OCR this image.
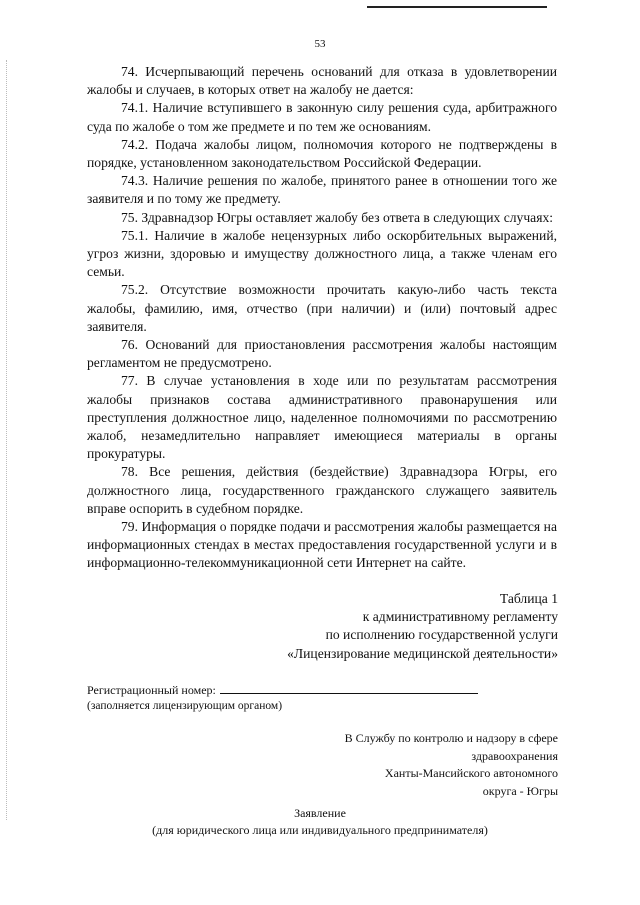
53

74. Исчерпывающий перечень оснований для отказа в удовлетворении жалобы и случаев, в которых ответ на жалобу не дается:

74.1. Наличие вступившего в законную силу решения суда, арбитражного суда по жалобе о том же предмете и по тем же основаниям.

74.2. Подача жалобы лицом, полномочия которого не подтверждены в порядке, установленном законодательством Российской Федерации.

74.3. Наличие решения по жалобе, принятого ранее в отношении того же заявителя и по тому же предмету.

75. Здравнадзор Югры оставляет жалобу без ответа в следующих случаях:

75.1. Наличие в жалобе нецензурных либо оскорбительных выражений, угроз жизни, здоровью и имуществу должностного лица, а также членам его семьи.

75.2. Отсутствие возможности прочитать какую-либо часть текста жалобы, фамилию, имя, отчество (при наличии) и (или) почтовый адрес заявителя.

76. Оснований для приостановления рассмотрения жалобы настоящим регламентом не предусмотрено.

77. В случае установления в ходе или по результатам рассмотрения жалобы признаков состава административного правонарушения или преступления должностное лицо, наделенное полномочиями по рассмотрению жалоб, незамедлительно направляет имеющиеся материалы в органы прокуратуры.

78. Все решения, действия (бездействие) Здравнадзора Югры, его должностного лица, государственного гражданского служащего заявитель вправе оспорить в судебном порядке.

79. Информация о порядке подачи и рассмотрения жалобы размещается на информационных стендах в местах предоставления государственной услуги и в информационно-телекоммуникационной сети Интернет на сайте.

Таблица 1
к административному регламенту
по исполнению государственной услуги
«Лицензирование медицинской деятельности»
Регистрационный номер:
(заполняется лицензирующим органом)
В Службу по контролю и надзору в сфере
здравоохранения
Ханты-Мансийского автономного
округа - Югры
Заявление
(для юридического лица или индивидуального предпринимателя)
